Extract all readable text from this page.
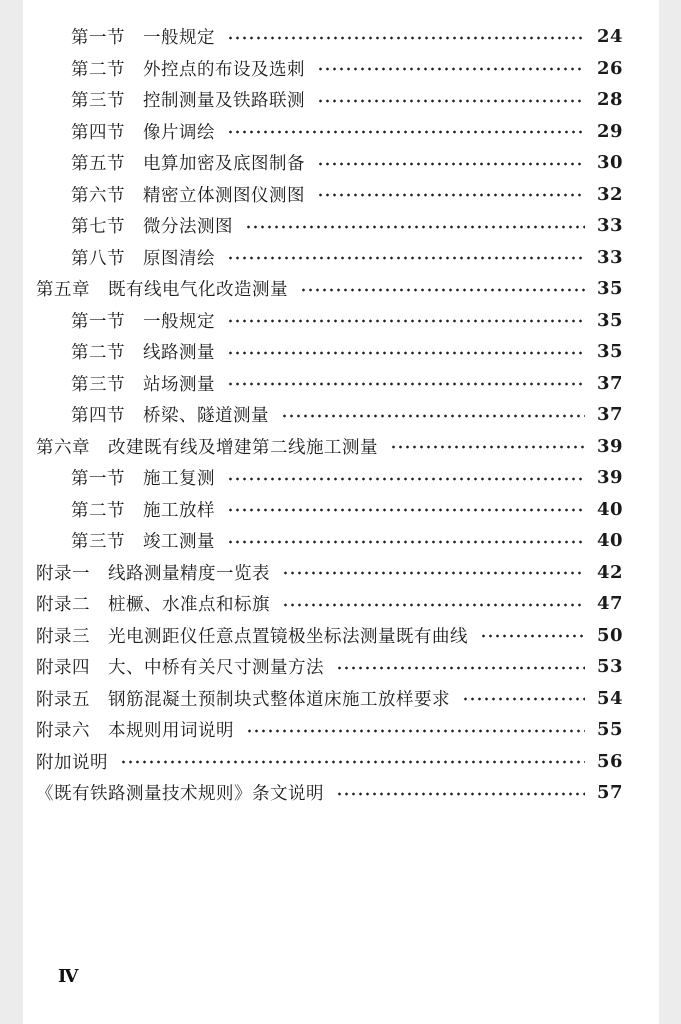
第一节 一般规定	24
第二节 外控点的布设及选刺	26
第三节 控制测量及铁路联测	28
第四节 像片调绘	29
第五节 电算加密及底图制备	30
第六节 精密立体测图仪测图	32
第七节 微分法测图	33
第八节 原图清绘	33
第五章 既有线电气化改造测量	35
第一节 一般规定	35
第二节 线路测量	35
第三节 站场测量	37
第四节 桥梁、隧道测量	37
第六章 改建既有线及增建第二线施工测量	39
第一节 施工复测	39
第二节 施工放样	40
第三节 竣工测量	40
附录一 线路测量精度一览表	42
附录二 桩橛、水准点和标旗	47
附录三 光电测距仪任意点置镜极坐标法测量既有曲线	50
附录四 大、中桥有关尺寸测量方法	53
附录五 钢筋混凝土预制块式整体道床施工放样要求	54
附录六 本规则用词说明	55
附加说明	56
《既有铁路测量技术规则》条文说明	57
Ⅳ
